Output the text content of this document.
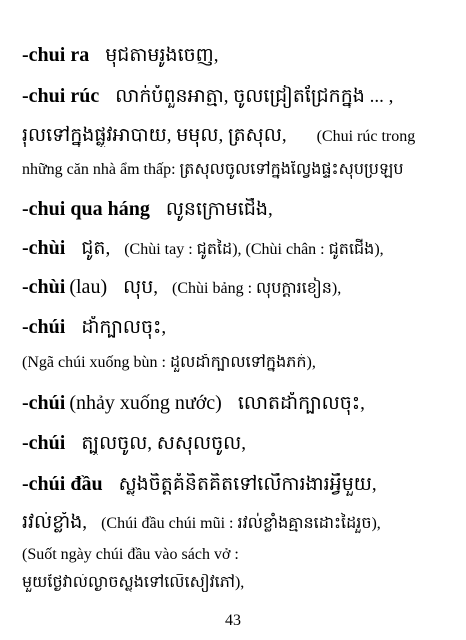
-chui ra មុជតាមរូងចេញ,
-chui rúc លាក់បំពួនអាត្មា, ចូលជ្រៀតជ្រែកក្នុង ... ,
រុលទៅក្នុងផ្លូវអាបាយ, មមុល, ត្រសុល, (Chui rúc trong
những căn nhà ẩm thấp: ត្រសុលចូលទៅក្នុងល្វែងផ្ទះសុបប្រឡប
-chui qua háng លូនក្រោមជើង,
-chùi ជូត, (Chùi tay : ជូតដៃ), (Chùi chân : ជូតជើង),
-chùi (lau) លុប, (Chùi bảng : លុបក្ដារខៀន),
-chúi ដាំក្បាលចុះ,
(Ngã chúi xuống bùn : ដួលដាំក្បាលទៅក្នុងភក់),
-chúi (nhảy xuống nước) លោតដាំក្បាលចុះ,
-chúi ត្បូលចូល, សសុលចូល,
-chúi đầu ស្លុងចិត្តគំនិតគិតទៅលើការងារអ្វីមួយ,
រវល់ខ្លាំង, (Chúi đầu chúi mũi : រវល់ខ្លាំងគ្មានដោះដៃរួច),
(Suốt ngày chúi đầu vào sách vở :
មួយថ្ងៃវាល់ល្ងាចស្លុងទៅលើសៀវភៅ),
43
